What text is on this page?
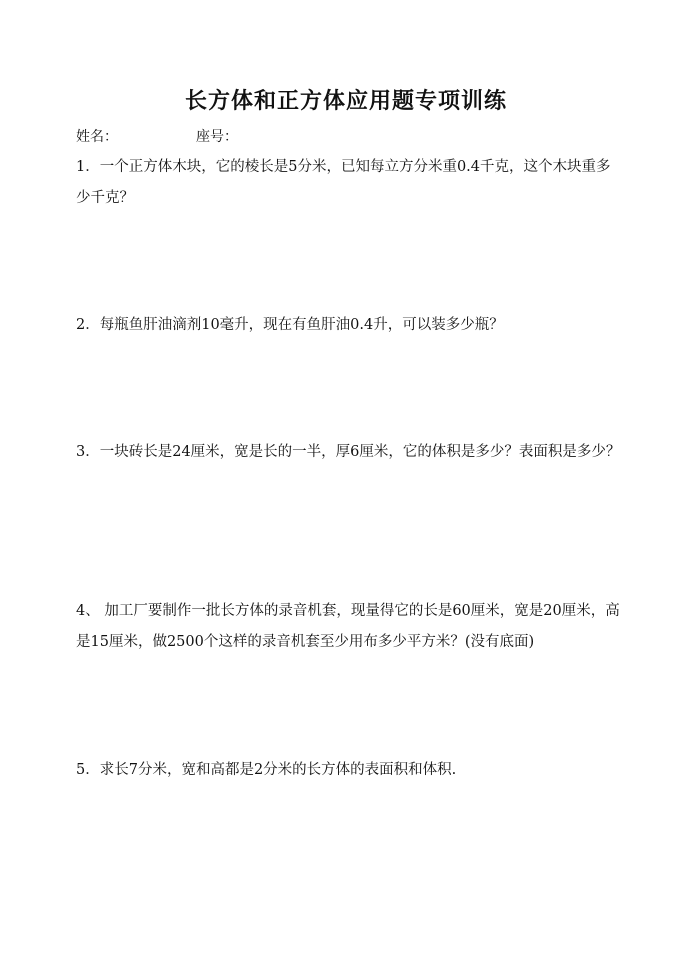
长方体和正方体应用题专项训练
姓名：	座号：

1．一个正方体木块，它的棱长是5分米，已知每立方分米重0.4千克，这个木块重多少千克？

2．每瓶鱼肝油滴剂10毫升，现在有鱼肝油0.4升，可以装多少瓶？

3．一块砖长是24厘米，宽是长的一半，厚6厘米，它的体积是多少？表面积是多少？

4、 加工厂要制作一批长方体的录音机套，现量得它的长是60厘米，宽是20厘米，高是15厘米，做2500个这样的录音机套至少用布多少平方米？(没有底面)

5．求长7分米，宽和高都是2分米的长方体的表面积和体积.
